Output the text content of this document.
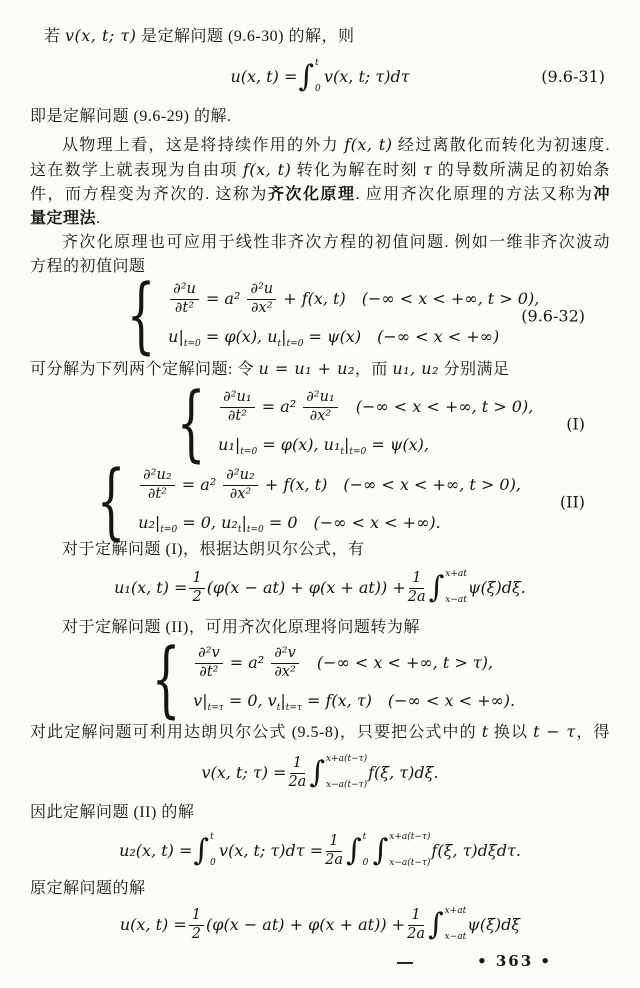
若 v(x, t; τ) 是定解问题 (9.6-30) 的解，则
u(x, t) = ∫ t
0
v(x, t; τ)dτ	(9.6-31)
即是定解问题 (9.6-29) 的解.
从物理上看，这是将持续作用的外力 f(x, t) 经过离散化而转化为初速度.
这在数学上就表现为自由项 f(x, t) 转化为解在时刻 τ 的导数所满足的初始条
件，而方程变为齐次的. 这称为齐次化原理. 应用齐次化原理的方法又称为冲
量定理法.
齐次化原理也可应用于线性非齐次方程的初值问题. 例如一维非齐次波动
方程的初值问题
{ $\frac{\text{∂²u}}{\text{∂t²}} = a^2 \frac{\text{∂²u}}{\text{∂x²}} + f(x$, t) (−∞ < x < +∞, t > 0),
$u|_{t=0} = \varphi(x)$, $u_t|_{t=0} = \psi(x)$ (−∞ < x < +∞)
(9.6-32)
可分解为下列两个定解问题: 令 u = u₁ + u₂，而 u₁, u₂ 分别满足
{ $\frac{\text{∂²u₁}}{\text{∂t²}} = a^2 \frac{\text{∂²u₁}}{\text{∂x²}}$ (−∞ < x < +∞, t > 0),
$u_1|_{t=0} = \varphi(x)$, $u_1_t|_{t=0} = \psi(x)$,
(I)
{ $\frac{\text{∂²u₂}}{\text{∂t²}} = a^2 \frac{\text{∂²u₂}}{\text{∂x²}} + f(x$, t) (−∞ < x < +∞, t > 0),
$u_2|_{t=0} = 0$, $u_2_t|_{t=0} = 0$ (−∞ < x < +∞).
(II)
对于定解问题 (I)，根据达朗贝尔公式，有
u₁(x, $t) = \frac{1}{2} (\varphi(x - at) + \varphi(x + at)) + \frac{1}{2a}$ ∫ x+at
x−at
ψ(ξ)dξ.
对于定解问题 (II)，可用齐次化原理将问题转为解
{ $\frac{\text{∂²v}}{\text{∂t²}} = a^2 \frac{\text{∂²v}}{\text{∂x²}}$ (−∞ < x < +∞, t > τ),
$v|_{t=\tau} = 0$, $v_t|_{t=\tau} = f(x$, τ) (−∞ < x < +∞).
对此定解问题可利用达朗贝尔公式 (9.5-8)，只要把公式中的 t 换以 t − τ，得
v(x, t; $\tau) = \frac{1}{2a}$ ∫ x+a(t−τ)
x−a(t−τ)
f(ξ, τ)dξ.
因此定解问题 (II) 的解
u₂(x, t) = ∫ t
0
v(x, t; $\tau)d\tau = \frac{1}{2a}$ ∫ t
0 ∫ x+a(t−τ)
x−a(t−τ)
f(ξ, τ)dξdτ.
原定解问题的解
u(x, $t) = \frac{1}{2} (\varphi(x - at) + \varphi(x + at)) + \frac{1}{2a}$ ∫ x+at
x−at
ψ(ξ)dξ
• 363 •
